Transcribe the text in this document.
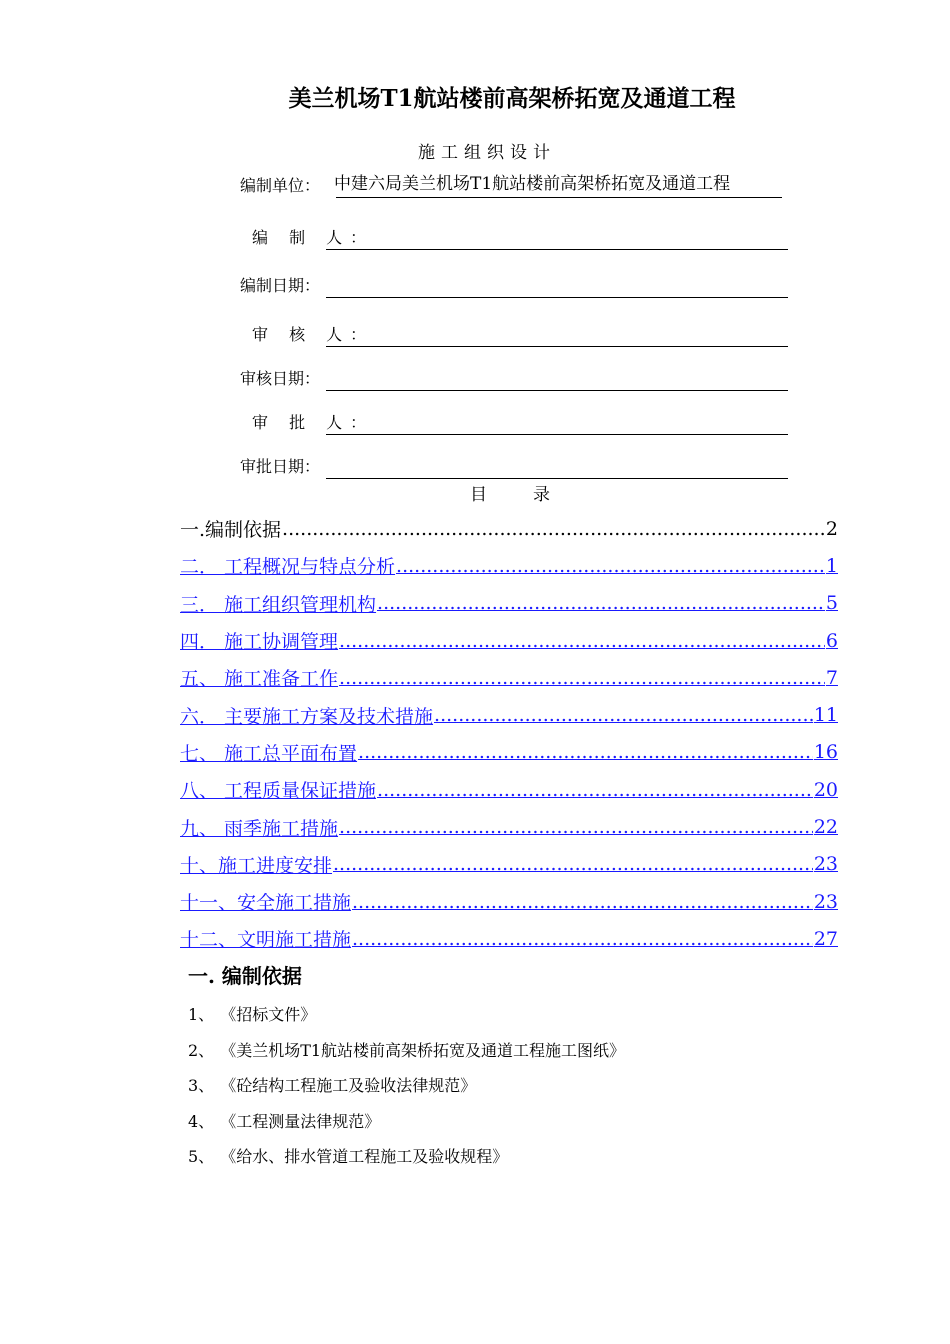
美兰机场T1航站楼前高架桥拓宽及通道工程
施工组织设计
编制单位： 中建六局美兰机场T1航站楼前高架桥拓宽及通道工程
编 制 人：
编制日期：
审 核 人：
审核日期：
审 批 人：
审批日期：
目	录
一.编制依据 .....	2
二． 工程概况与特点分析 .....	1
三． 施工组织管理机构 .....	5
四． 施工协调管理 .....	6
五、 施工准备工作 .....	7
六． 主要施工方案及技术措施 .....	11
七、 施工总平面布置 .....	16
八、 工程质量保证措施 .....	20
九、 雨季施工措施 .....	22
十、施工进度安排 .....	23
十一、安全施工措施 .....	23
十二、文明施工措施 .....	27
一. 编制依据
1、 《招标文件》
2、 《美兰机场T1航站楼前高架桥拓宽及通道工程施工图纸》
3、 《砼结构工程施工及验收法律规范》
4、 《工程测量法律规范》
5、 《给水、排水管道工程施工及验收规程》
